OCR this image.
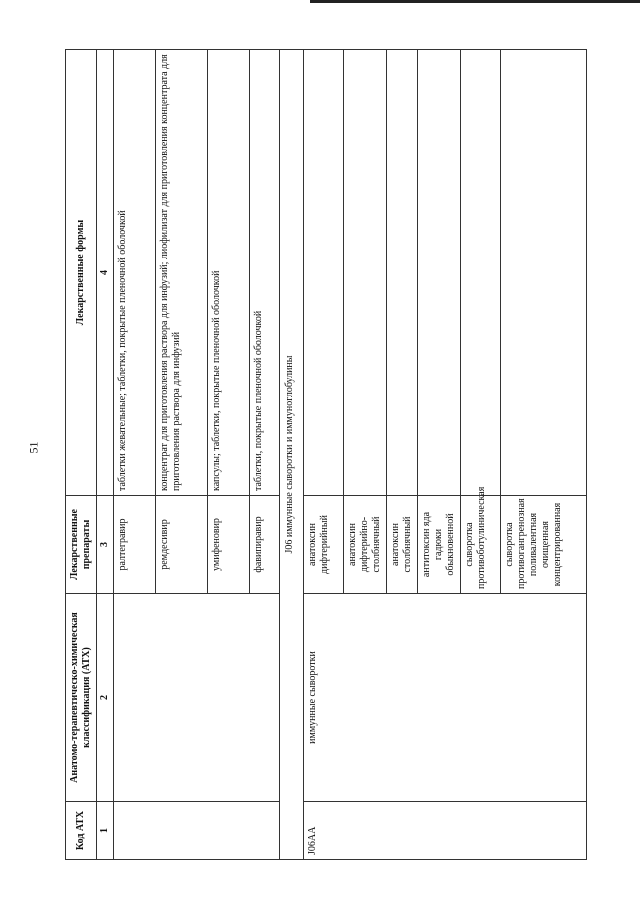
51
Код АТХ	Анатомо-терапевтическо-химическая классификация (АТХ)	Лекарственные препараты	Лекарственные формы
1	2	3	4
		ралтегравир	таблетки жевательные; таблетки, покрытые пленочной оболочкой
		ремдесивир	концентрат для приготовления раствора для инфузий; лиофилизат для приготовления концентрата для приготовления раствора для инфузий
		умифеновир	капсулы; таблетки, покрытые пленочной оболочкой
		фавипиравир	таблетки, покрытые пленочной оболочкой
J06 иммунные сыворотки и иммуноглобулины			
J06AA	иммунные сыворотки	анатоксин дифтерийный	
		анатоксин дифтерийно-столбнячный	
		анатоксин столбнячный	
		антитоксин яда гадюки обыкновенной	
		сыворотка противоботулиническая	
		сыворотка противогангренозная поливалентная очищенная концентрированная	
